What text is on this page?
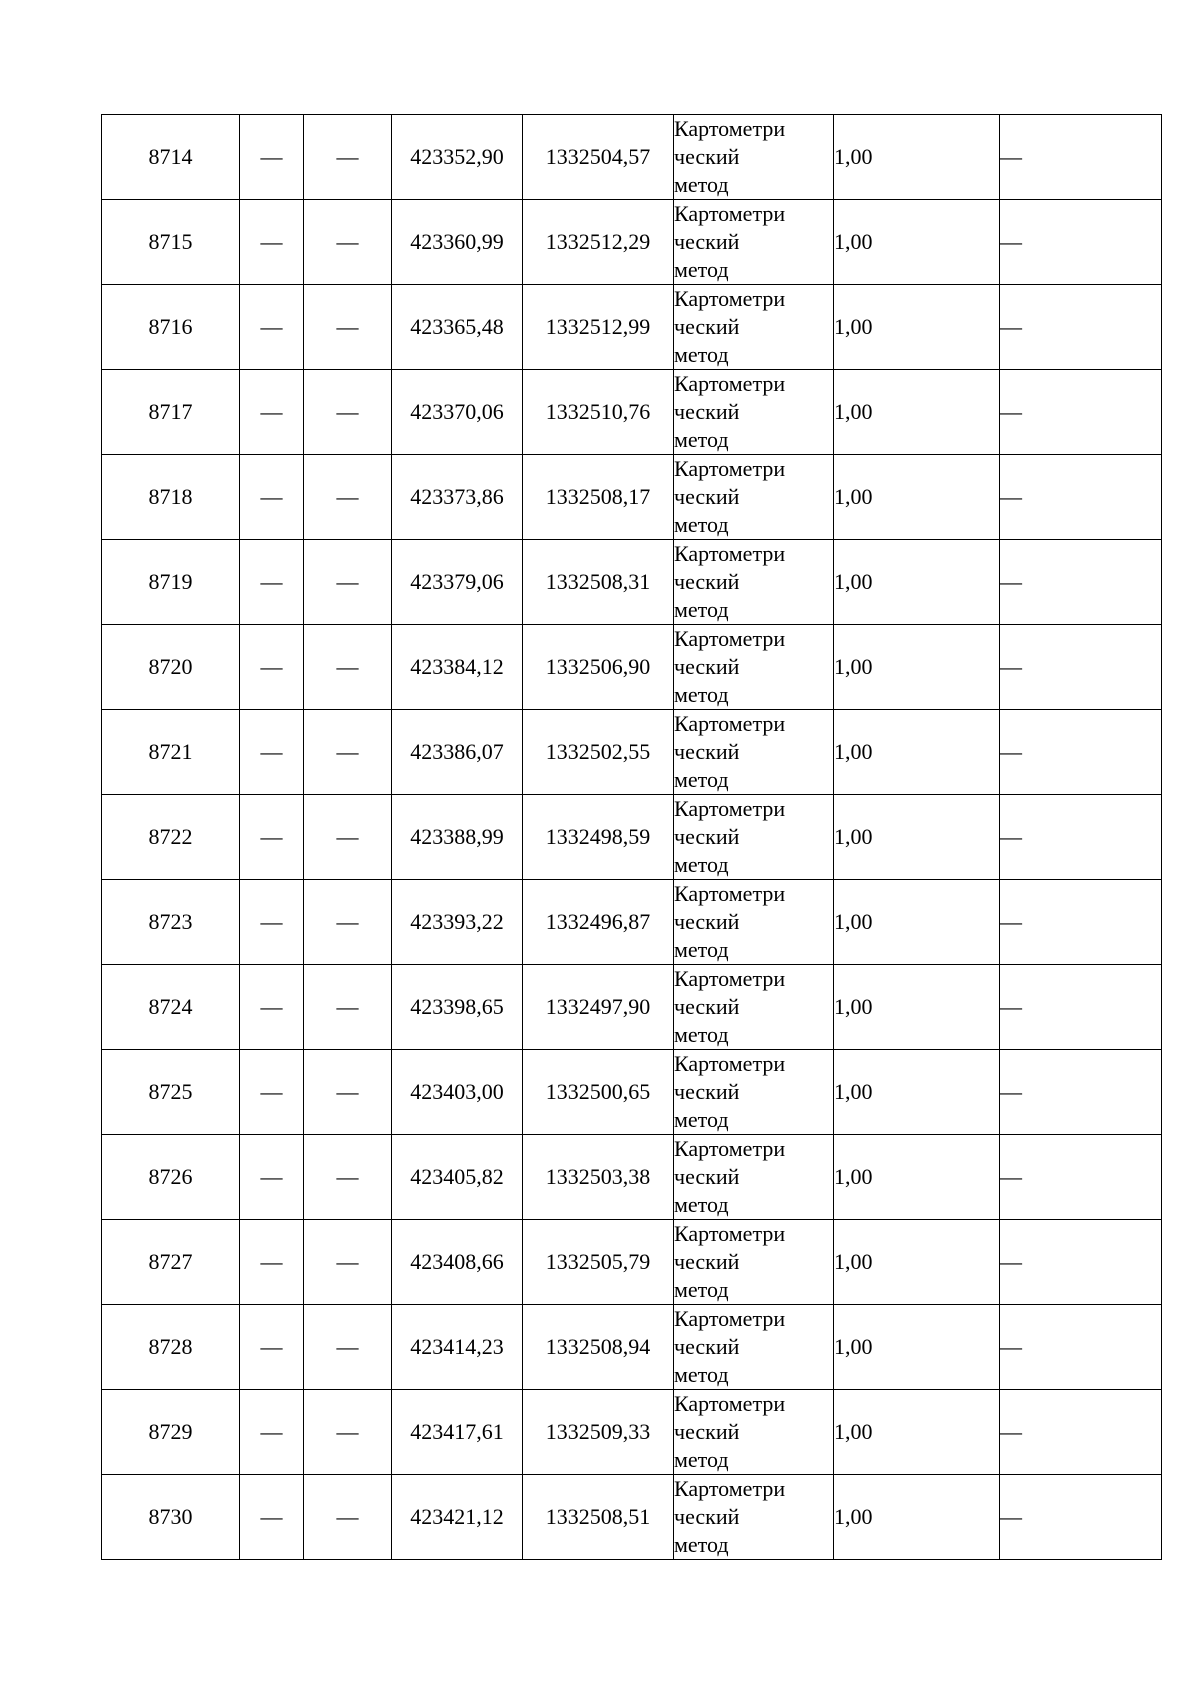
8714	—	—	423352,90	1332504,57	Картометри
ческий
метод	1,00	—
8715	—	—	423360,99	1332512,29	Картометри
ческий
метод	1,00	—
8716	—	—	423365,48	1332512,99	Картометри
ческий
метод	1,00	—
8717	—	—	423370,06	1332510,76	Картометри
ческий
метод	1,00	—
8718	—	—	423373,86	1332508,17	Картометри
ческий
метод	1,00	—
8719	—	—	423379,06	1332508,31	Картометри
ческий
метод	1,00	—
8720	—	—	423384,12	1332506,90	Картометри
ческий
метод	1,00	—
8721	—	—	423386,07	1332502,55	Картометри
ческий
метод	1,00	—
8722	—	—	423388,99	1332498,59	Картометри
ческий
метод	1,00	—
8723	—	—	423393,22	1332496,87	Картометри
ческий
метод	1,00	—
8724	—	—	423398,65	1332497,90	Картометри
ческий
метод	1,00	—
8725	—	—	423403,00	1332500,65	Картометри
ческий
метод	1,00	—
8726	—	—	423405,82	1332503,38	Картометри
ческий
метод	1,00	—
8727	—	—	423408,66	1332505,79	Картометри
ческий
метод	1,00	—
8728	—	—	423414,23	1332508,94	Картометри
ческий
метод	1,00	—
8729	—	—	423417,61	1332509,33	Картометри
ческий
метод	1,00	—
8730	—	—	423421,12	1332508,51	Картометри
ческий
метод	1,00	—
